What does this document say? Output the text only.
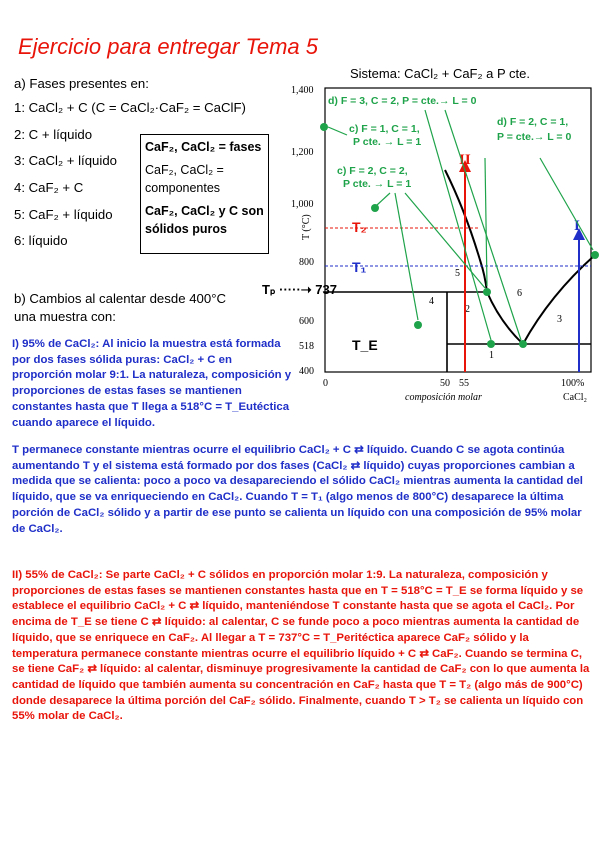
Ejercicio para entregar Tema 5
a) Fases presentes en:
1: CaCl₂ + C (C = CaCl₂·CaF₂ = CaClF)
2: C + líquido
3: CaCl₂ + líquido
4: CaF₂ + C
5: CaF₂ + líquido
6: líquido

CaF₂, CaCl₂ = fases

CaF₂, CaCl₂ = componentes

CaF₂, CaCl₂ y C son sólidos puros

b) Cambios al calentar desde 400°C una muestra con:
Sistema: CaCl₂ + CaF₂ a P cte.
1,400
1,200
1,000
800
600
518
400
T (°C)
0	50 55	100%
CaCl₂
composición molar
1
2
3
4
5
6
II
I
d) F = 3, C = 2, P = cte.→ L = 0
c) F = 1, C = 1,
P cte. → L = 1
c) F = 2, C = 2,
P cte. → L = 1
d) F = 2, C = 1,
P = cte.→ L = 0
Tₚ ·····➝ 737
T₂
T₁
T_E
I) 95% de CaCl₂: Al inicio la muestra está formada por dos fases sólida puras: CaCl₂ + C en proporción molar 9:1. La naturaleza, composición y proporciones de estas fases se mantienen constantes hasta que T llega a 518°C = T_Eutéctica cuando aparece el líquido.
T permanece constante mientras ocurre el equilibrio CaCl₂ + C ⇄ líquido. Cuando C se agota continúa aumentando T y el sistema está formado por dos fases (CaCl₂ ⇄ líquido) cuyas proporciones cambian a medida que se calienta: poco a poco va desapareciendo el sólido CaCl₂ mientras aumenta la cantidad del líquido, que se va enriqueciendo en CaCl₂. Cuando T = T₁ (algo menos de 800°C) desaparece la última porción de CaCl₂ sólido y a partir de ese punto se calienta un líquido con una composición de 95% molar de CaCl₂.
II) 55% de CaCl₂: Se parte CaCl₂ + C sólidos en proporción molar 1:9. La naturaleza, composición y proporciones de estas fases se mantienen constantes hasta que en T = 518°C = T_E se forma líquido y se establece el equilibrio CaCl₂ + C ⇄ líquido, manteniéndose T constante hasta que se agota el CaCl₂. Por encima de T_E se tiene C ⇄ líquido: al calentar, C se funde poco a poco mientras aumenta la cantidad de líquido, que se enriquece en CaF₂. Al llegar a T = 737°C = T_Peritéctica aparece CaF₂ sólido y la temperatura permanece constante mientras ocurre el equilibrio líquido + C ⇄ CaF₂. Cuando se termina C, se tiene CaF₂ ⇄ líquido: al calentar, disminuye progresivamente la cantidad de CaF₂ con lo que aumenta la cantidad de líquido que también aumenta su concentración en CaF₂ hasta que T = T₂ (algo más de 900°C) donde desaparece la última porción del CaF₂ sólido. Finalmente, cuando T > T₂ se calienta un líquido con 55% molar de CaCl₂.
